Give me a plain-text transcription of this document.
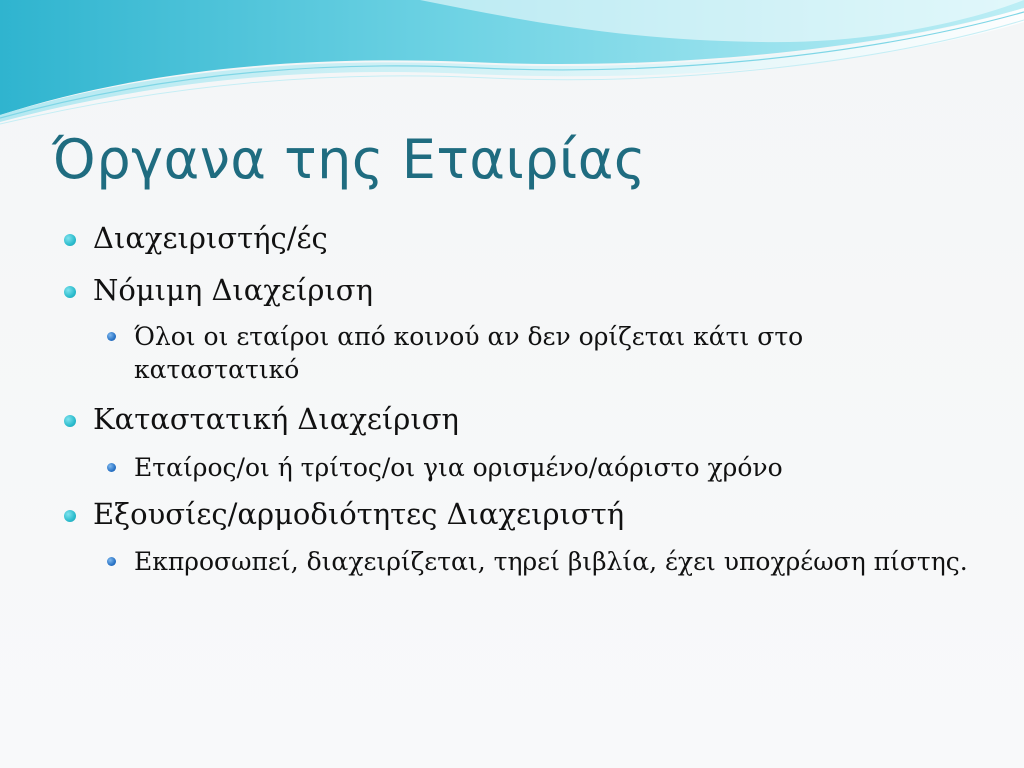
Όργανα της Εταιρίας
Διαχειριστής/ές
Νόμιμη Διαχείριση
Όλοι οι εταίροι από κοινού αν δεν ορίζεται κάτι στο καταστατικό
Καταστατική Διαχείριση
Εταίρος/οι ή τρίτος/οι για ορισμένο/αόριστο χρόνο
Εξουσίες/αρμοδιότητες Διαχειριστή
Εκπροσωπεί, διαχειρίζεται, τηρεί βιβλία, έχει υποχρέωση πίστης.
